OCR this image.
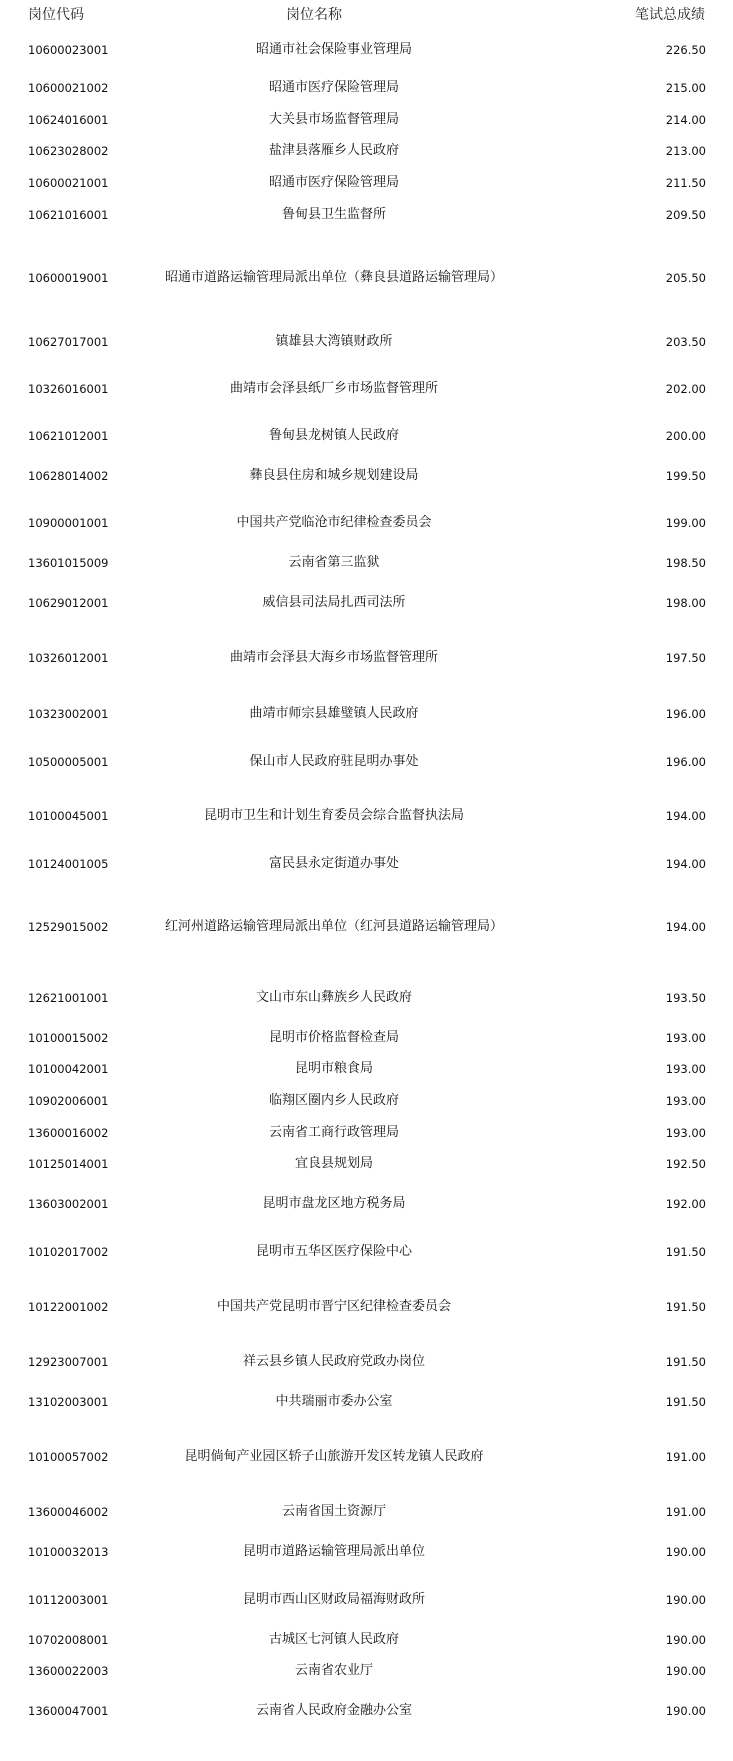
岗位代码	岗位名称	笔试总成绩
10600023001	昭通市社会保险事业管理局	226.50
10600021002	昭通市医疗保险管理局	215.00
10624016001	大关县市场监督管理局	214.00
10623028002	盐津县落雁乡人民政府	213.00
10600021001	昭通市医疗保险管理局	211.50
10621016001	鲁甸县卫生监督所	209.50
10600019001	昭通市道路运输管理局派出单位（彝良县道路运输管理局）	205.50
10627017001	镇雄县大湾镇财政所	203.50
10326016001	曲靖市会泽县纸厂乡市场监督管理所	202.00
10621012001	鲁甸县龙树镇人民政府	200.00
10628014002	彝良县住房和城乡规划建设局	199.50
10900001001	中国共产党临沧市纪律检查委员会	199.00
13601015009	云南省第三监狱	198.50
10629012001	威信县司法局扎西司法所	198.00
10326012001	曲靖市会泽县大海乡市场监督管理所	197.50
10323002001	曲靖市师宗县雄璧镇人民政府	196.00
10500005001	保山市人民政府驻昆明办事处	196.00
10100045001	昆明市卫生和计划生育委员会综合监督执法局	194.00
10124001005	富民县永定街道办事处	194.00
12529015002	红河州道路运输管理局派出单位（红河县道路运输管理局）	194.00
12621001001	文山市东山彝族乡人民政府	193.50
10100015002	昆明市价格监督检查局	193.00
10100042001	昆明市粮食局	193.00
10902006001	临翔区圈内乡人民政府	193.00
13600016002	云南省工商行政管理局	193.00
10125014001	宜良县规划局	192.50
13603002001	昆明市盘龙区地方税务局	192.00
10102017002	昆明市五华区医疗保险中心	191.50
10122001002	中国共产党昆明市晋宁区纪律检查委员会	191.50
12923007001	祥云县乡镇人民政府党政办岗位	191.50
13102003001	中共瑞丽市委办公室	191.50
10100057002	昆明倘甸产业园区轿子山旅游开发区转龙镇人民政府	191.00
13600046002	云南省国土资源厅	191.00
10100032013	昆明市道路运输管理局派出单位	190.00
10112003001	昆明市西山区财政局福海财政所	190.00
10702008001	古城区七河镇人民政府	190.00
13600022003	云南省农业厅	190.00
13600047001	云南省人民政府金融办公室	190.00
